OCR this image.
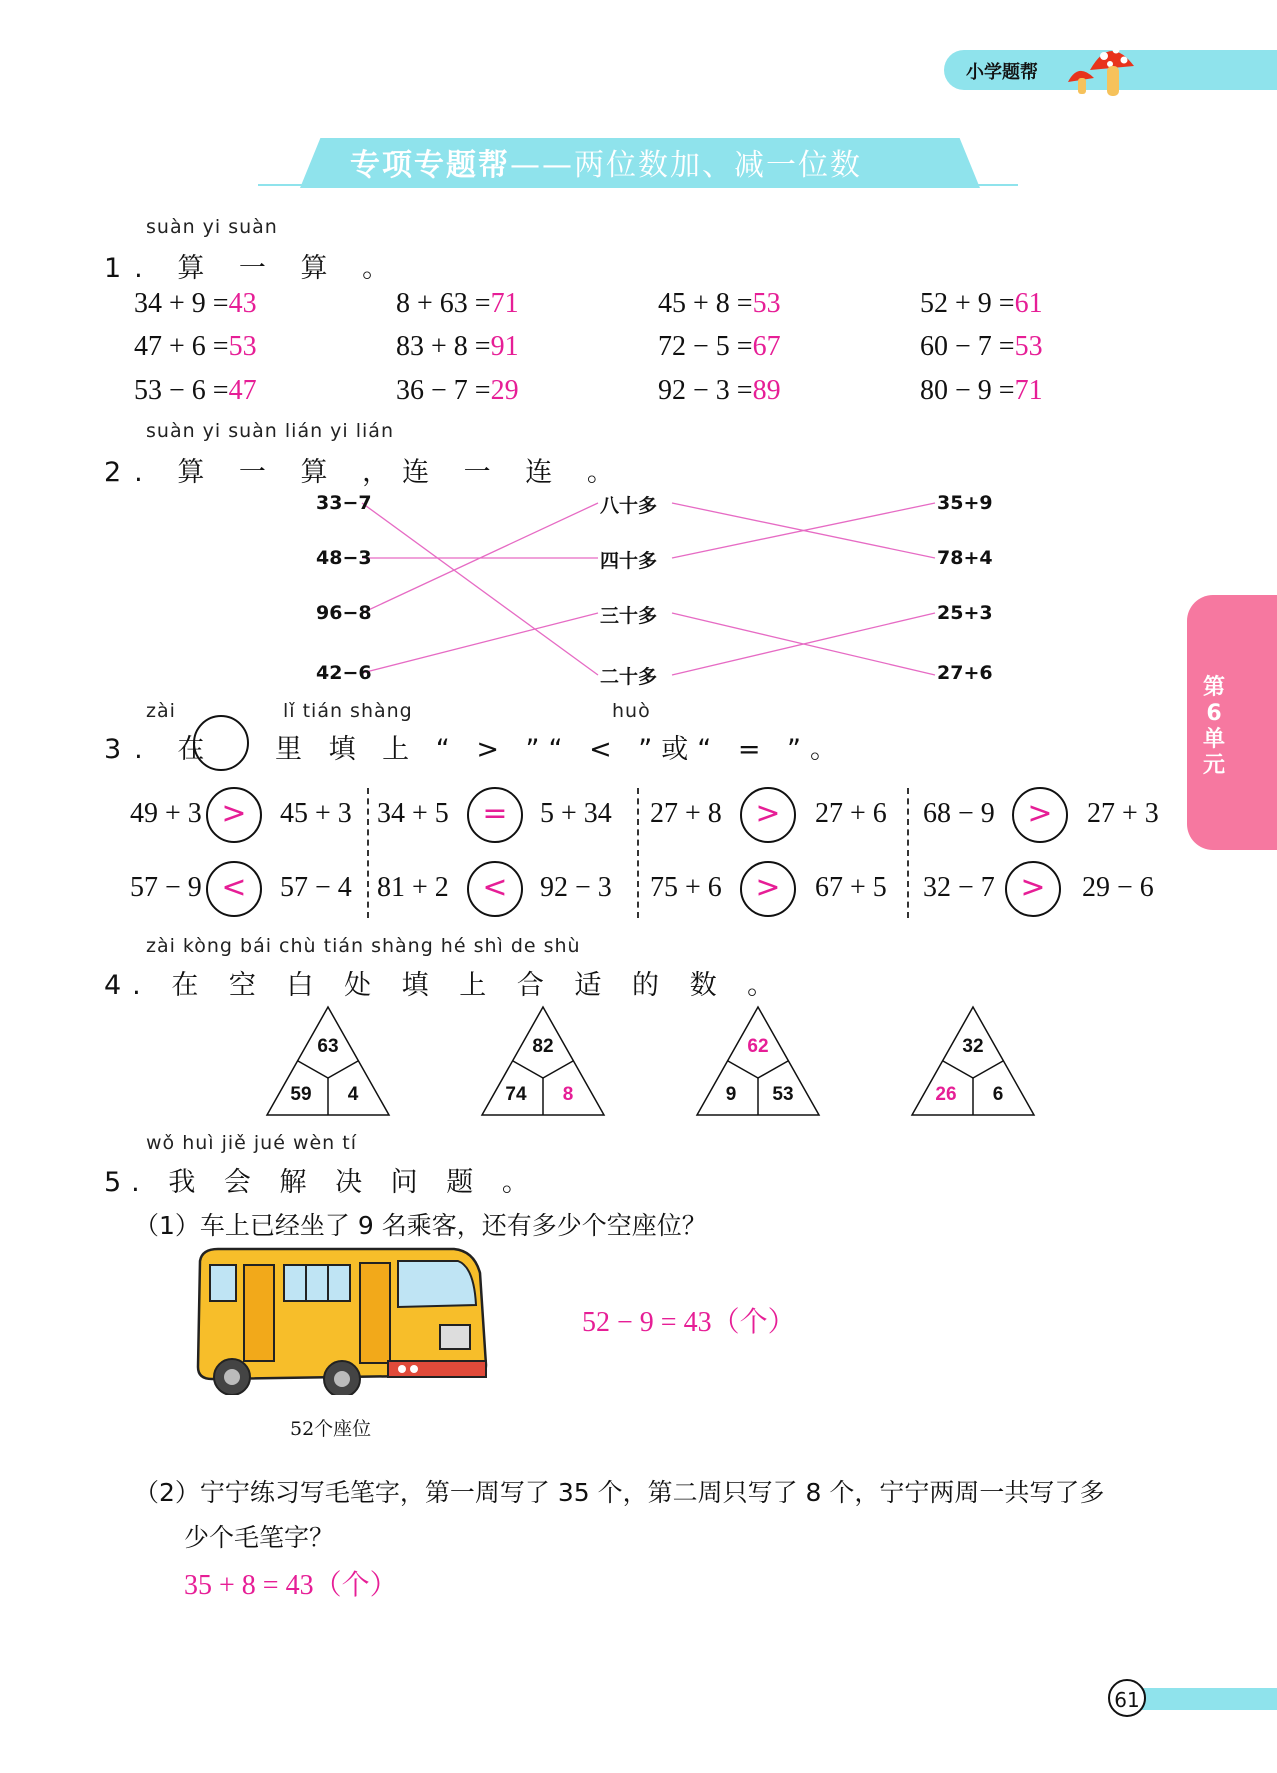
小学题帮
专项专题帮——两位数加、减一位数
第6单元
suàn yi suàn
1. 算 一 算 。
34 + 9 =43	8 + 63 =71	45 + 8 =53	52 + 9 =61
47 + 6 =53	83 + 8 =91	72 − 5 =67	60 − 7 =53
53 − 6 =47	36 − 7 =29	92 − 3 =89	80 − 9 =71
suàn yi suàn lián yi lián
2. 算 一 算 ，连 一 连 。
33−7
48−3
96−8
42−6
八十多
四十多
三十多
二十多
35+9
78+4
25+3
27+6
zài	lǐ tián shàng	huò
3. 在 里 填 上 “ > ”“ < ”或“ = ”。
49 + 3 >	45 + 3 34 + 5	=	5 + 34 27 + 8	>	27 + 6 68 − 9	>	27 + 3
57 − 9 <	57 − 4 81 + 2	<	92 − 3 75 + 6	>	67 + 5 32 − 7 >	29 − 6
zài kòng bái chù tián shàng hé shì de shù
4. 在 空 白 处 填 上 合 适 的 数 。
63
59	4
82
74	8
62
9	53
32
26	6
wǒ huì jiě jué wèn tí
5. 我 会 解 决 问 题 。
（1）车上已经坐了 9 名乘客，还有多少个空座位？
52个座位
52 − 9 = 43（个）
（2）宁宁练习写毛笔字，第一周写了 35 个，第二周只写了 8 个，宁宁两周一共写了多
少个毛笔字？
35 + 8 = 43（个）
61
